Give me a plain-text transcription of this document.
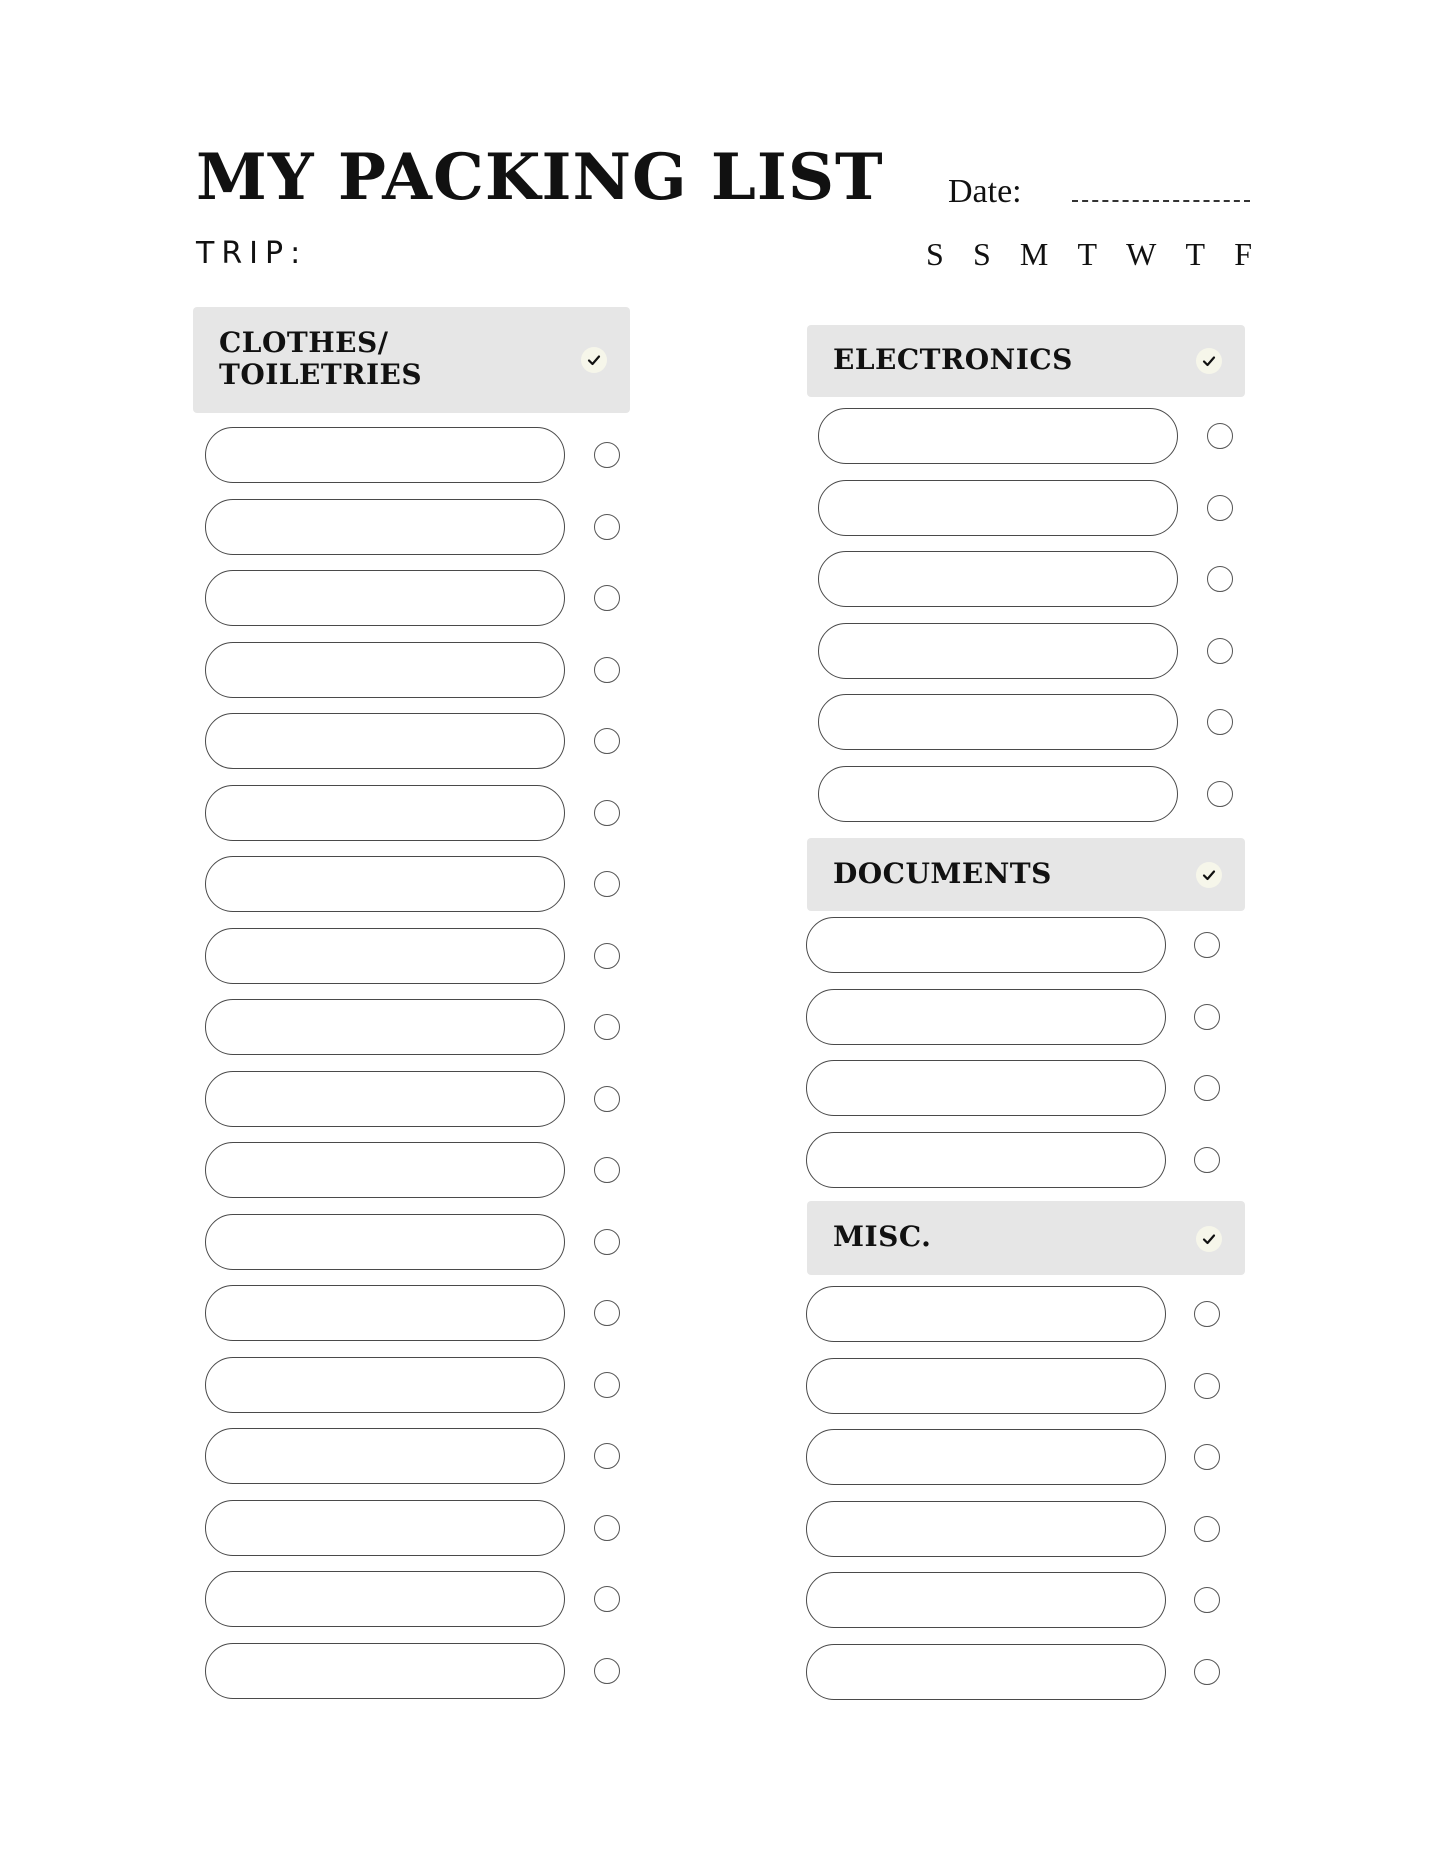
MY PACKING LIST Date:
TRIP:	S S M T W T F
CLOTHES/
TOILETRIES	ELECTRONICS
DOCUMENTS
MISC.
